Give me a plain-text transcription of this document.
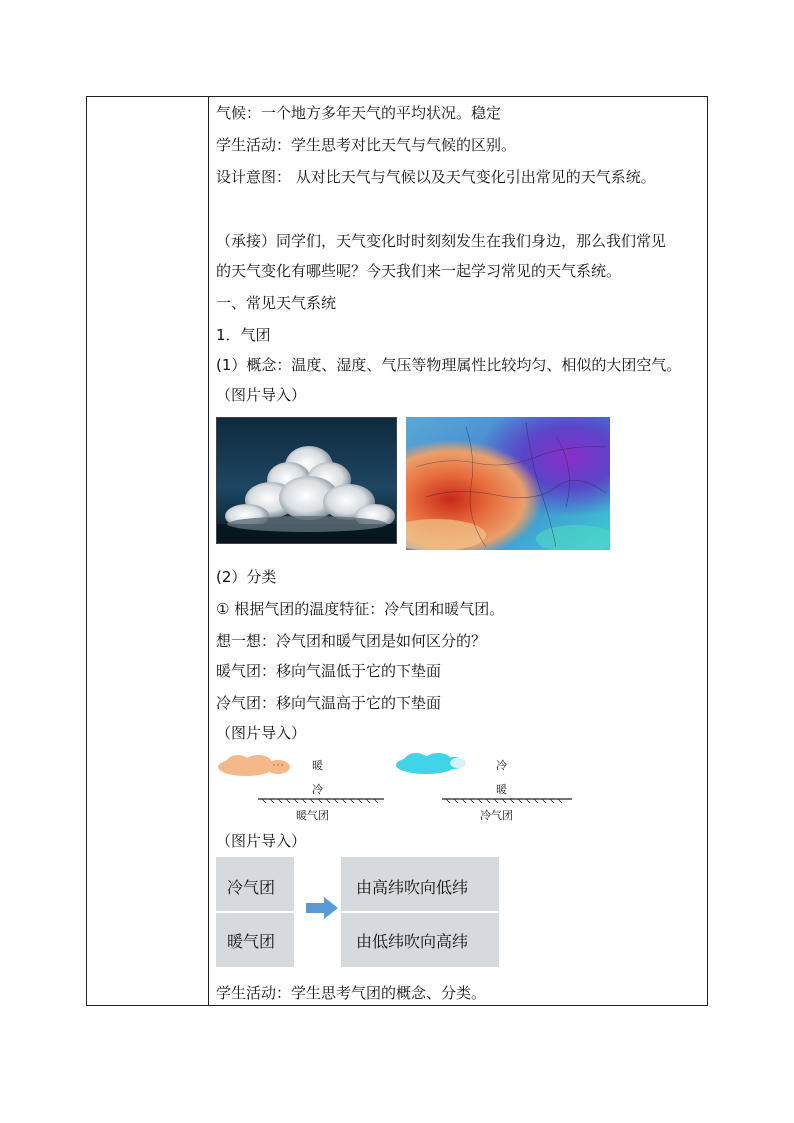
气候：一个地方多年天气的平均状况。稳定
学生活动：学生思考对比天气与气候的区别。
设计意图： 从对比天气与气候以及天气变化引出常见的天气系统。
（承接）同学们，天气变化时时刻刻发生在我们身边，那么我们常见
的天气变化有哪些呢？今天我们来一起学习常见的天气系统。
一、常见天气系统
1．气团
(1）概念：温度、湿度、气压等物理属性比较均匀、相似的大团空气。
（图片导入）
(2）分类
① 根据气团的温度特征：冷气团和暖气团。
想一想：冷气团和暖气团是如何区分的？
暖气团：移向气温低于它的下垫面
冷气团：移向气温高于它的下垫面
（图片导入）
暖
冷
暖气团
冷
暖
冷气团
（图片导入）
冷气团
暖气团
由高纬吹向低纬
由低纬吹向高纬
学生活动：学生思考气团的概念、分类。
